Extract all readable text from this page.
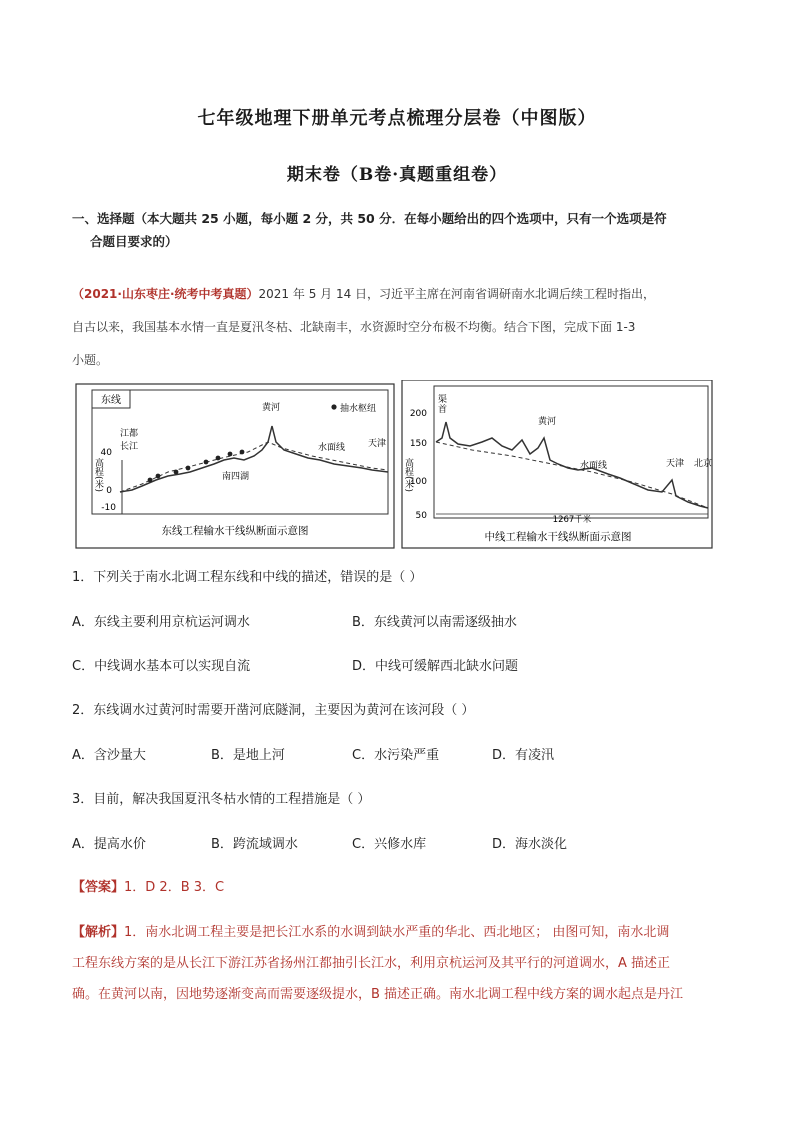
七年级地理下册单元考点梳理分层卷（中图版）
期末卷（B卷·真题重组卷）
一、选择题（本大题共 25 小题，每小题 2 分，共 50 分．在每小题给出的四个选项中，只有一个选项是符
合题目要求的）
（2021·山东枣庄·统考中考真题）2021 年 5 月 14 日，习近平主席在河南省调研南水北调后续工程时指出，
自古以来，我国基本水情一直是夏汛冬枯、北缺南丰，水资源时空分布极不均衡。结合下图，完成下面 1-3
小题。
东线
抽水枢纽
40
0
-10
高程(米)
江都
长江
黄河
南四湖
水面线	天津
东线工程输水干线纵断面示意图
200
150
100
50
高程(米)
渠
首
黄河
水面线	天津 北京
1267千米
中线工程输水干线纵断面示意图
1．下列关于南水北调工程东线和中线的描述，错误的是（ ）
A．东线主要利用京杭运河调水	B．东线黄河以南需逐级抽水
C．中线调水基本可以实现自流	D．中线可缓解西北缺水问题
2．东线调水过黄河时需要开凿河底隧洞，主要因为黄河在该河段（ ）
A．含沙量大	B．是地上河	C．水污染严重	D．有凌汛
3．目前，解决我国夏汛冬枯水情的工程措施是（ ）
A．提高水价	B．跨流域调水	C．兴修水库	D．海水淡化
【答案】1．D 2．B 3．C
【解析】1．南水北调工程主要是把长江水系的水调到缺水严重的华北、西北地区； 由图可知，南水北调
工程东线方案的是从长江下游江苏省扬州江都抽引长江水，利用京杭运河及其平行的河道调水，A 描述正
确。在黄河以南，因地势逐渐变高而需要逐级提水，B 描述正确。南水北调工程中线方案的调水起点是丹江
